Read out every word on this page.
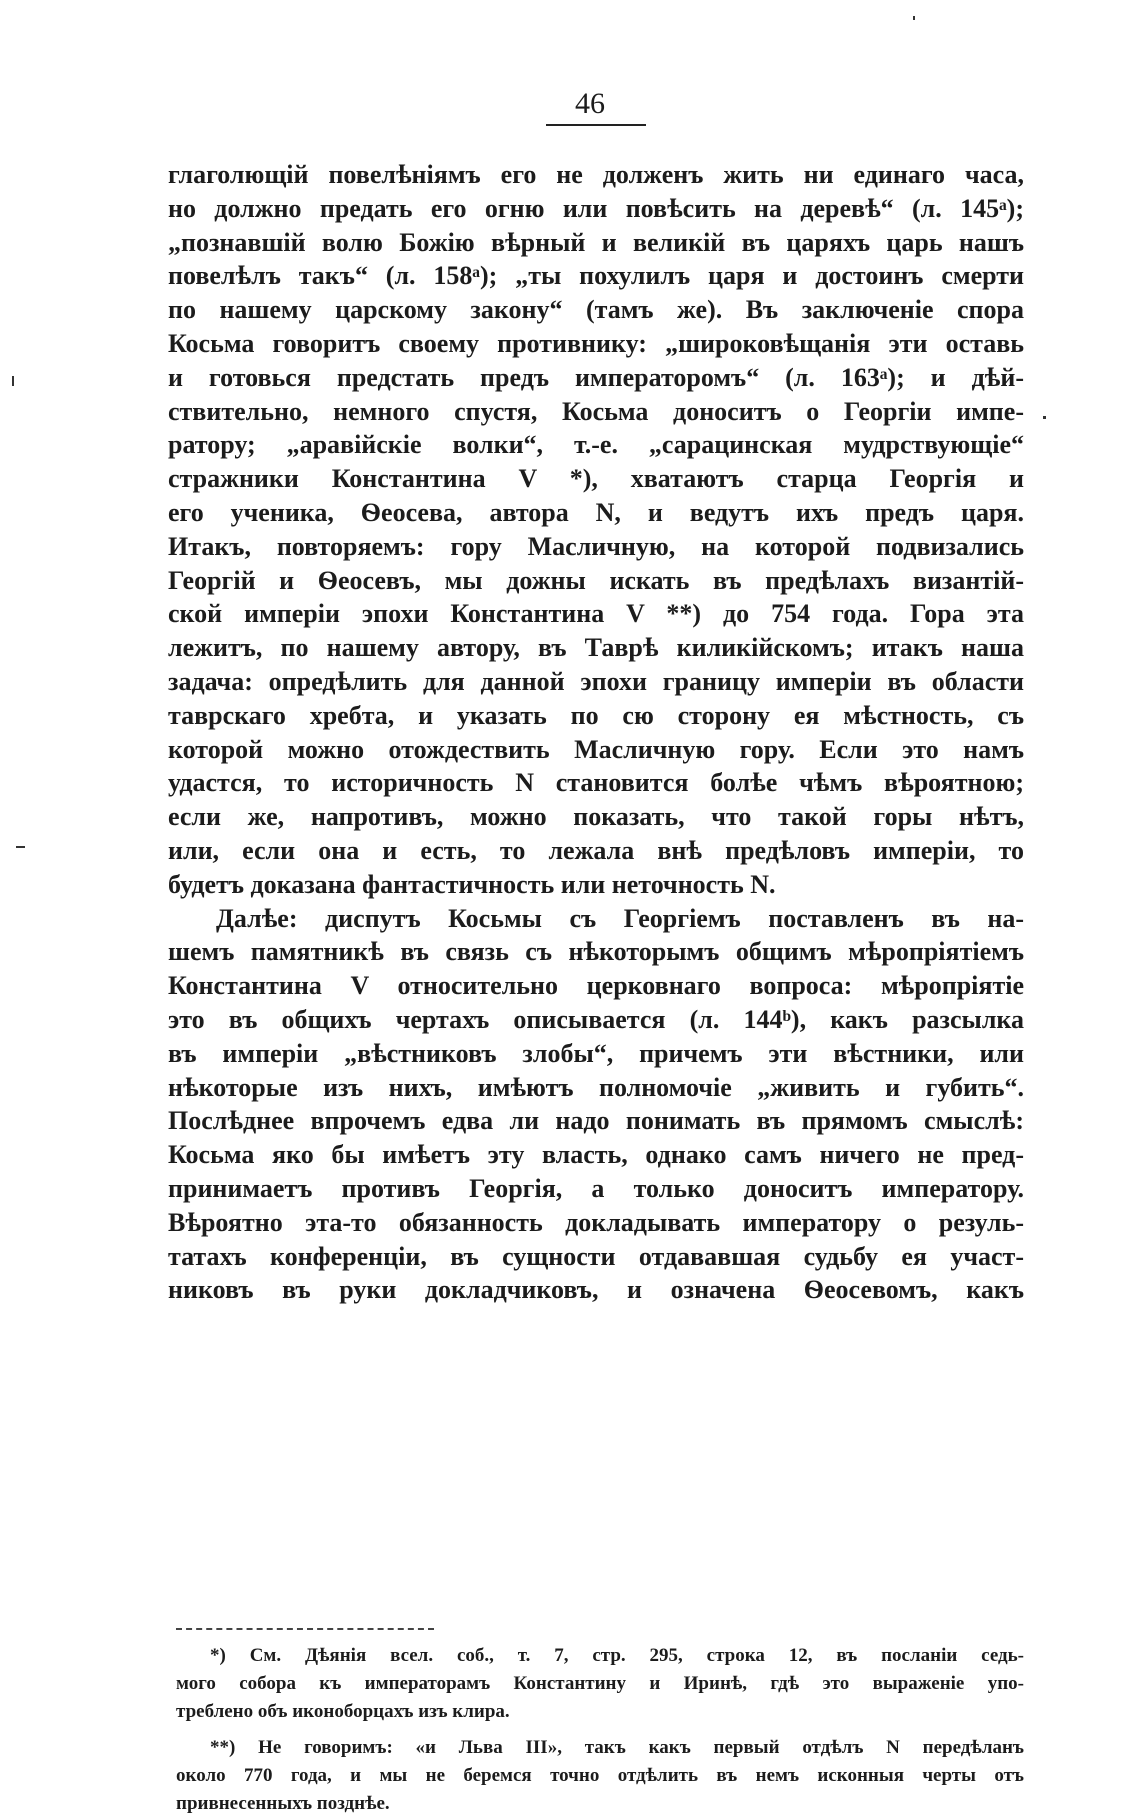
46
глаголющій повелѣніямъ его не долженъ жить ни единаго часа,
но должно предать его огню или повѣсить на деревѣ“ (л. 145ᵃ);
„познавшій волю Божію вѣрный и великій въ царяхъ царь нашъ
повелѣлъ такъ“ (л. 158ᵃ); „ты похулилъ царя и достоинъ смерти
по нашему царскому закону“ (тамъ же). Въ заключеніе спора
Косьма говоритъ своему противнику: „широковѣщанія эти оставь
и готовься предстать предъ императоромъ“ (л. 163ᵃ); и дѣй-
ствительно, немного спустя, Косьма доноситъ о Георгіи импе-
ратору; „аравійскіе волки“, т.-е. „сарацинская мудрствующіе“
стражники Константина V *), хватаютъ старца Георгія и
его ученика, Ѳеосева, автора N, и ведутъ ихъ предъ царя.
Итакъ, повторяемъ: гору Масличную, на которой подвизались
Георгій и Ѳеосевъ, мы дожны искать въ предѣлахъ византій-
ской имперіи эпохи Константина V **) до 754 года. Гора эта
лежитъ, по нашему автору, въ Таврѣ киликійскомъ; итакъ наша
задача: опредѣлить для данной эпохи границу имперіи въ области
таврскаго хребта, и указать по сю сторону ея мѣстность, съ
которой можно отождествить Масличную гору. Если это намъ
удастся, то историчность N становится болѣе чѣмъ вѣроятною;
если же, напротивъ, можно показать, что такой горы нѣтъ,
или, если она и есть, то лежала внѣ предѣловъ имперіи, то
будетъ доказана фантастичность или неточность N.
Далѣе: диспутъ Косьмы съ Георгіемъ поставленъ въ на-
шемъ памятникѣ въ связь съ нѣкоторымъ общимъ мѣропріятіемъ
Константина V относительно церковнаго вопроса: мѣропріятіе
это въ общихъ чертахъ описывается (л. 144ᵇ), какъ разсылка
въ имперіи „вѣстниковъ злобы“, причемъ эти вѣстники, или
нѣкоторые изъ нихъ, имѣютъ полномочіе „живить и губить“.
Послѣднее впрочемъ едва ли надо понимать въ прямомъ смыслѣ:
Косьма яко бы имѣетъ эту власть, однако самъ ничего не пред-
принимаетъ противъ Георгія, а только доноситъ императору.
Вѣроятно эта-то обязанность докладывать императору о резуль-
татахъ конференціи, въ сущности отдававшая судьбу ея участ-
никовъ въ руки докладчиковъ, и означена Ѳеосевомъ, какъ
*) См. Дѣянія всел. соб., т. 7, стр. 295, строка 12, въ посланіи седь-
мого собора къ императорамъ Константину и Иринѣ, гдѣ это выраженіе упо-
треблено объ иконоборцахъ изъ клира.
**) Не говоримъ: «и Льва III», такъ какъ первый отдѣлъ N передѣланъ
около 770 года, и мы не беремся точно отдѣлить въ немъ исконныя черты отъ
привнесенныхъ позднѣе.
